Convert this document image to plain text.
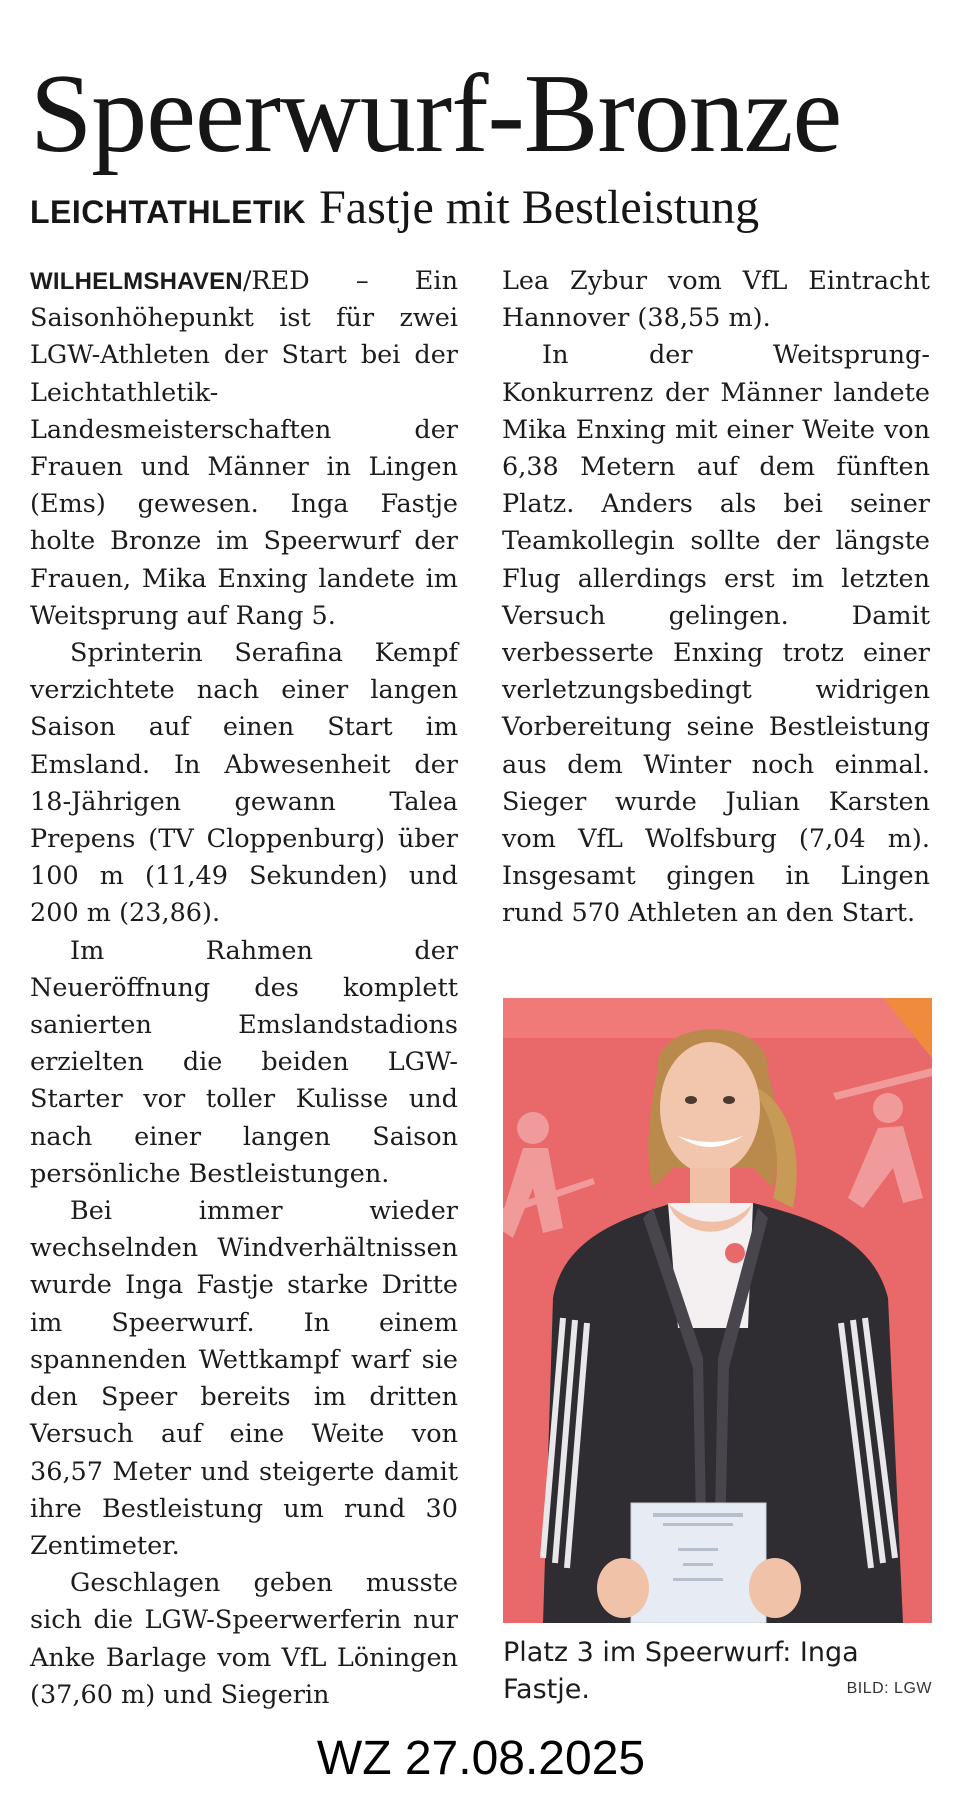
Speerwurf-Bronze
LEICHTATHLETIK Fastje mit Bestleistung

WILHELMSHAVEN/RED – Ein Saisonhöhepunkt ist für zwei LGW-Athleten der Start bei der Leichtathletik-Landesmeisterschaften der Frauen und Männer in Lingen (Ems) gewesen. Inga Fastje holte Bronze im Speerwurf der Frauen, Mika Enxing landete im Weitsprung auf Rang 5.

Sprinterin Serafina Kempf verzichtete nach einer langen Saison auf einen Start im Emsland. In Abwesenheit der 18-Jährigen gewann Talea Prepens (TV Cloppenburg) über 100 m (11,49 Sekunden) und 200 m (23,86).

Im Rahmen der Neueröffnung des komplett sanierten Emslandstadions erzielten die beiden LGW-Starter vor toller Kulisse und nach einer langen Saison persönliche Bestleistungen.

Bei immer wieder wechselnden Windverhältnissen wurde Inga Fastje starke Dritte im Speerwurf. In einem spannenden Wettkampf warf sie den Speer bereits im dritten Versuch auf eine Weite von 36,57 Meter und steigerte damit ihre Bestleistung um rund 30 Zentimeter.

Geschlagen geben musste sich die LGW-Speerwerferin nur Anke Barlage vom VfL Löningen (37,60 m) und Siegerin

Lea Zybur vom VfL Eintracht Hannover (38,55 m).

In der Weitsprung-Konkurrenz der Männer landete Mika Enxing mit einer Weite von 6,38 Metern auf dem fünften Platz. Anders als bei seiner Teamkollegin sollte der längste Flug allerdings erst im letzten Versuch gelingen. Damit verbesserte Enxing trotz einer verletzungsbedingt widrigen Vorbereitung seine Bestleistung aus dem Winter noch einmal. Sieger wurde Julian Karsten vom VfL Wolfsburg (7,04 m). Insgesamt gingen in Lingen rund 570 Athleten an den Start.

Platz 3 im Speerwurf: Inga Fastje.	BILD: LGW
WZ 27.08.2025
